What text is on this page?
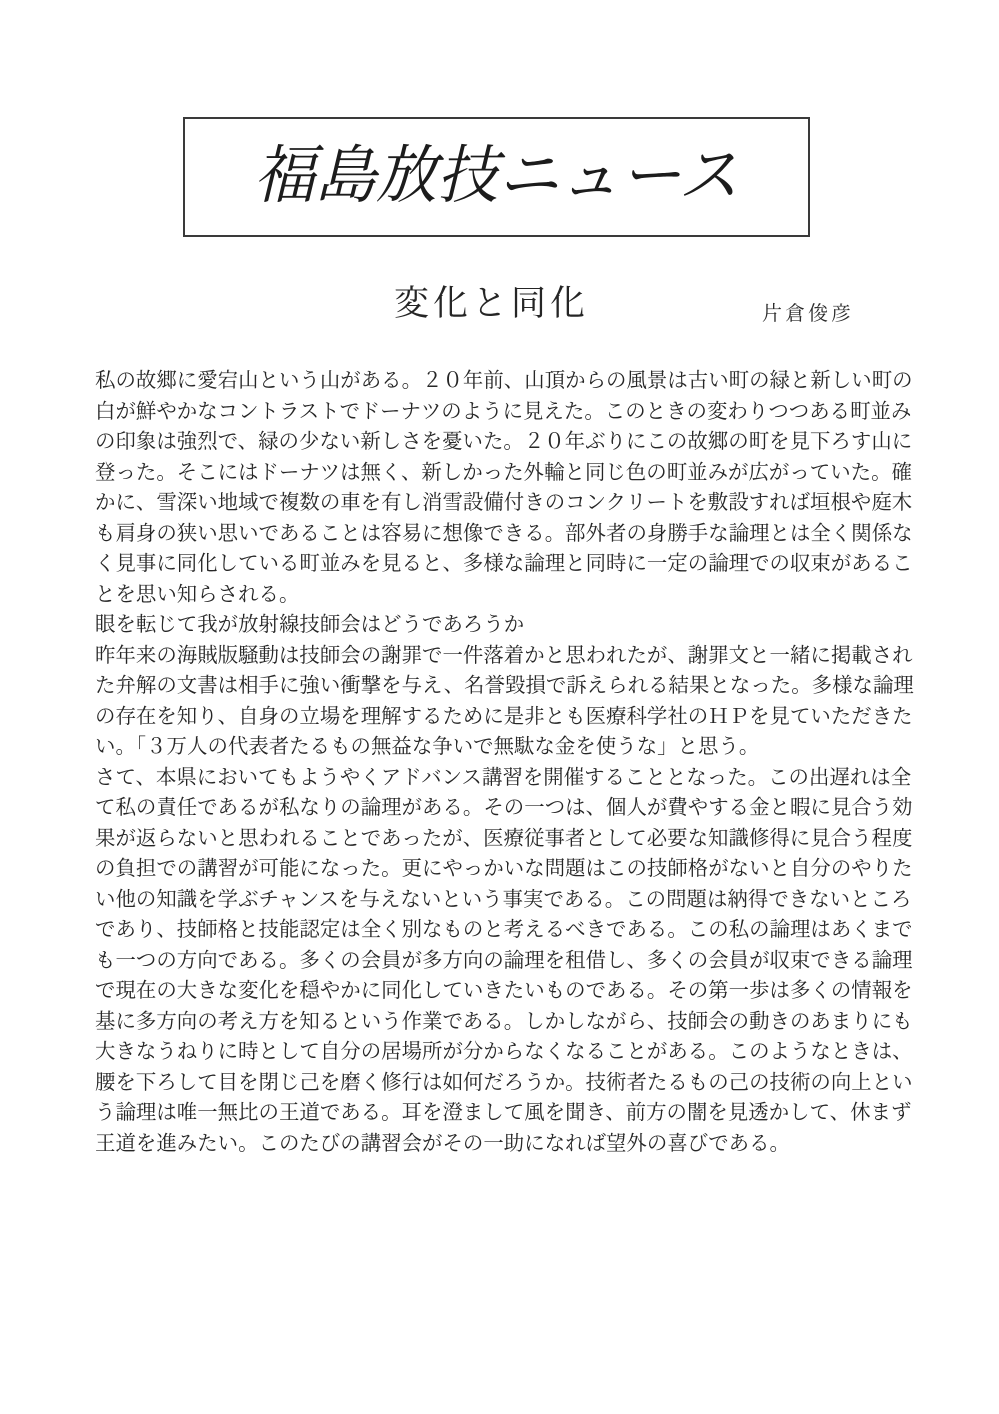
福島放技ニュース
変化と同化	片倉俊彦
私の故郷に愛宕山という山がある。２０年前、山頂からの風景は古い町の緑と新しい町の
白が鮮やかなコントラストでドーナツのように見えた。このときの変わりつつある町並み
の印象は強烈で、緑の少ない新しさを憂いた。２０年ぶりにこの故郷の町を見下ろす山に
登った。そこにはドーナツは無く、新しかった外輪と同じ色の町並みが広がっていた。確
かに、雪深い地域で複数の車を有し消雪設備付きのコンクリートを敷設すれば垣根や庭木
も肩身の狭い思いであることは容易に想像できる。部外者の身勝手な論理とは全く関係な
く見事に同化している町並みを見ると、多様な論理と同時に一定の論理での収束があるこ
とを思い知らされる。
眼を転じて我が放射線技師会はどうであろうか
昨年来の海賊版騒動は技師会の謝罪で一件落着かと思われたが、謝罪文と一緒に掲載され
た弁解の文書は相手に強い衝撃を与え、名誉毀損で訴えられる結果となった。多様な論理
の存在を知り、自身の立場を理解するために是非とも医療科学社のＨＰを見ていただきた
い。「３万人の代表者たるもの無益な争いで無駄な金を使うな」と思う。
さて、本県においてもようやくアドバンス講習を開催することとなった。この出遅れは全
て私の責任であるが私なりの論理がある。その一つは、個人が費やする金と暇に見合う効
果が返らないと思われることであったが、医療従事者として必要な知識修得に見合う程度
の負担での講習が可能になった。更にやっかいな問題はこの技師格がないと自分のやりた
い他の知識を学ぶチャンスを与えないという事実である。この問題は納得できないところ
であり、技師格と技能認定は全く別なものと考えるべきである。この私の論理はあくまで
も一つの方向である。多くの会員が多方向の論理を租借し、多くの会員が収束できる論理
で現在の大きな変化を穏やかに同化していきたいものである。その第一歩は多くの情報を
基に多方向の考え方を知るという作業である。しかしながら、技師会の動きのあまりにも
大きなうねりに時として自分の居場所が分からなくなることがある。このようなときは、
腰を下ろして目を閉じ己を磨く修行は如何だろうか。技術者たるもの己の技術の向上とい
う論理は唯一無比の王道である。耳を澄まして風を聞き、前方の闇を見透かして、休まず
王道を進みたい。このたびの講習会がその一助になれば望外の喜びである。
